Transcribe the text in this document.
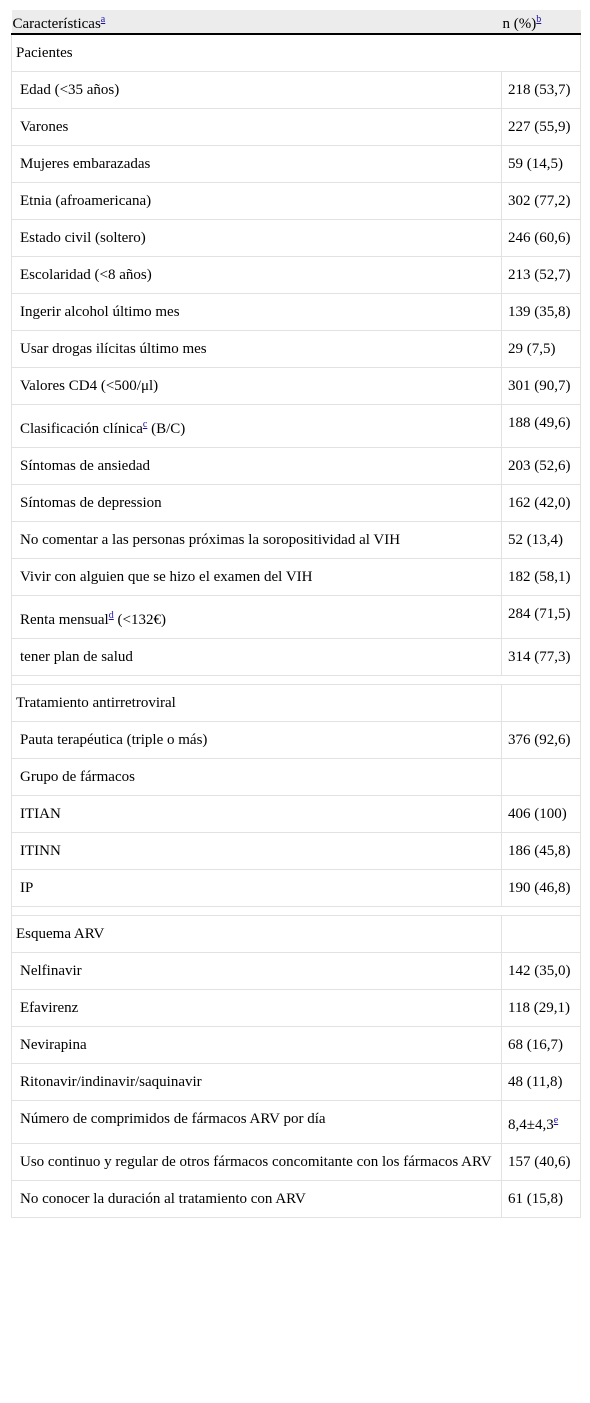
Características$^a$	n (%)$^b$
Pacientes	
Edad (<35 años)	218 (53,7)
Varones	227 (55,9)
Mujeres embarazadas	59 (14,5)
Etnia (afroamericana)	302 (77,2)
Estado civil (soltero)	246 (60,6)
Escolaridad (<8 años)	213 (52,7)
Ingerir alcohol último mes	139 (35,8)
Usar drogas ilícitas último mes	29 (7,5)
Valores CD4 (<500/μl)	301 (90,7)
Clasificación clínica$^c$ (B/C)	188 (49,6)
Síntomas de ansiedad	203 (52,6)
Síntomas de depression	162 (42,0)
No comentar a las personas próximas la soropositividad al VIH	52 (13,4)
Vivir con alguien que se hizo el examen del VIH	182 (58,1)
Renta mensual$^d$ (<132€)	284 (71,5)
tener plan de salud	314 (77,3)

Tratamiento antirretroviral	
Pauta terapéutica (triple o más)	376 (92,6)
Grupo de fármacos	
ITIAN	406 (100)
ITINN	186 (45,8)
IP	190 (46,8)

Esquema ARV	
Nelfinavir	142 (35,0)
Efavirenz	118 (29,1)
Nevirapina	68 (16,7)
Ritonavir/indinavir/saquinavir	48 (11,8)
Número de comprimidos de fármacos ARV por día	8,4±4,3$^e$
Uso continuo y regular de otros fármacos concomitante con los fármacos ARV	157 (40,6)
No conocer la duración al tratamiento con ARV	61 (15,8)
